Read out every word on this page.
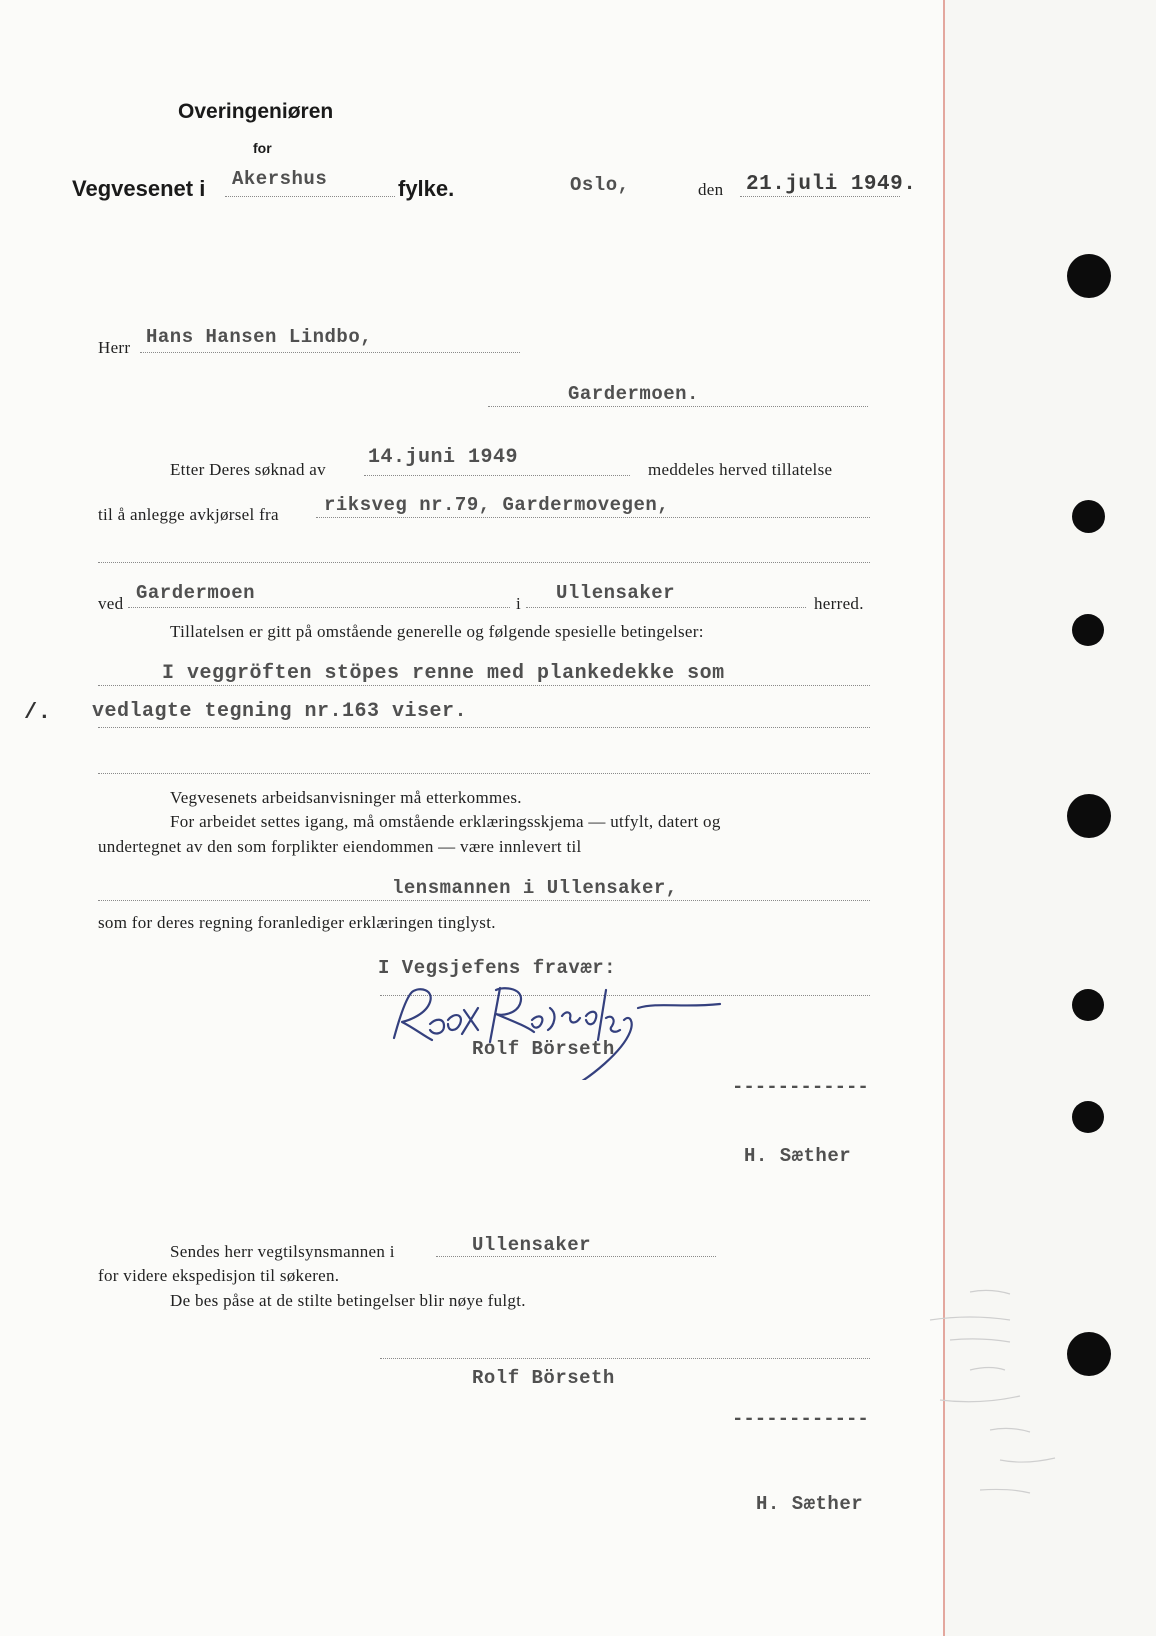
Overingeniøren
for
Vegvesenet i Akershus	fylke.	Oslo,	den 21.juli 1949.
Herr Hans Hansen Lindbo,
Gardermoen.
Etter Deres søknad av
14.juni 1949
meddeles herved tillatelse
til å anlegge avkjørsel fra riksveg nr.79, Gardermovegen,
ved Gardermoen	i Ullensaker	herred.
Tillatelsen er gitt på omstående generelle og følgende spesielle betingelser:
I veggröften stöpes renne med plankedekke som
/. vedlagte tegning nr.163 viser.
Vegvesenets arbeidsanvisninger må etterkommes.
For arbeidet settes igang, må omstående erklæringsskjema — utfylt, datert og
undertegnet av den som forplikter eiendommen — være innlevert til
lensmannen i Ullensaker,
som for deres regning foranlediger erklæringen tinglyst.
I Vegsjefens fravær:
Rolf Börseth
------------
H. Sæther
Sendes herr vegtilsynsmannen i	Ullensaker
for videre ekspedisjon til søkeren.
De bes påse at de stilte betingelser blir nøye fulgt.
Rolf Börseth
------------
H. Sæther
